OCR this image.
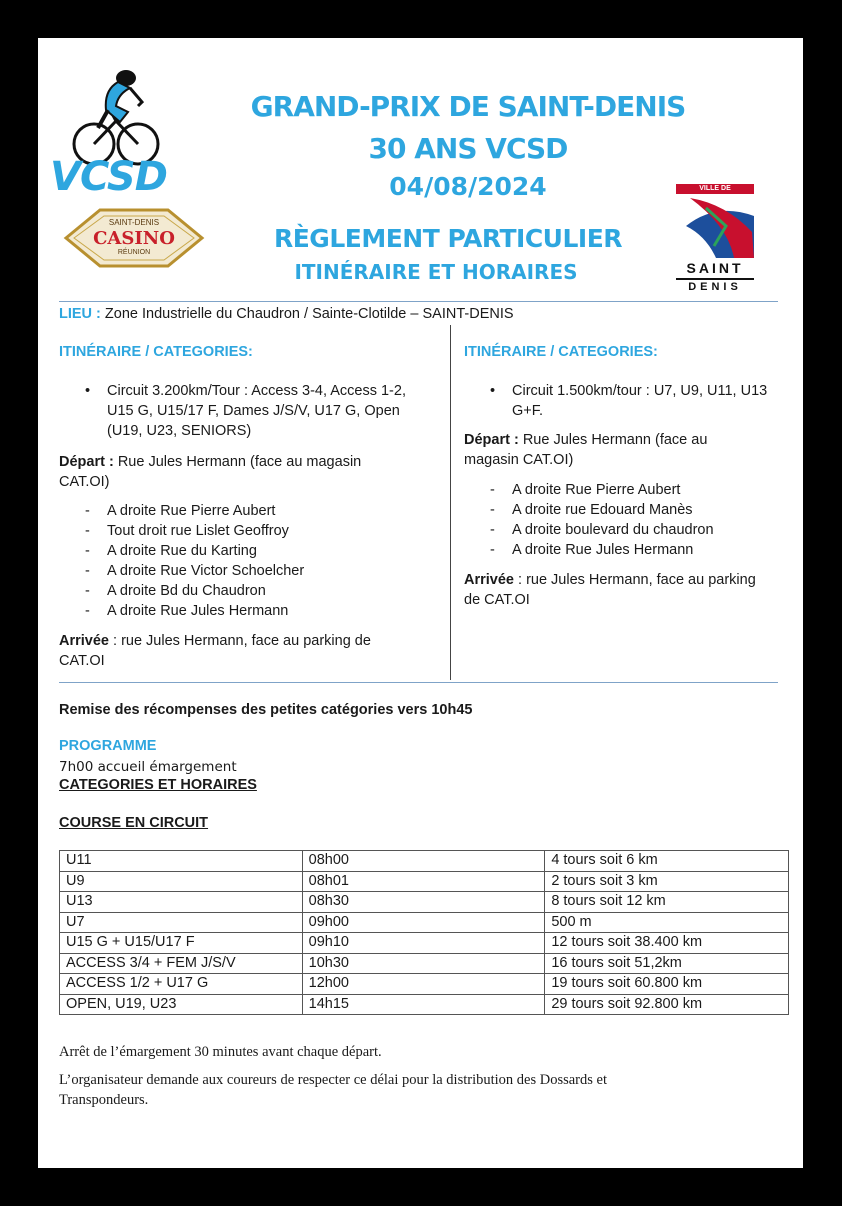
VCSD
SAINT-DENIS
CASINO
RÉUNION
VILLE DE
SAINT
DENIS
GRAND-PRIX DE SAINT-DENIS
30 ANS VCSD
04/08/2024
RÈGLEMENT PARTICULIER
ITINÉRAIRE ET HORAIRES
LIEU : Zone Industrielle du Chaudron / Sainte-Clotilde – SAINT-DENIS
ITINÉRAIRE / CATEGORIES:
• Circuit 3.200km/Tour : Access 3-4, Access 1-2, U15 G, U15/17 F, Dames J/S/V, U17 G, Open (U19, U23, SENIORS)
Départ : Rue Jules Hermann (face au magasin CAT.OI)
- A droite Rue Pierre Aubert
- Tout droit rue Lislet Geoffroy
- A droite Rue du Karting
- A droite Rue Victor Schoelcher
- A droite Bd du Chaudron
- A droite Rue Jules Hermann
Arrivée : rue Jules Hermann, face au parking de CAT.OI
ITINÉRAIRE / CATEGORIES:
• Circuit 1.500km/tour : U7, U9, U11, U13 G+F.
Départ : Rue Jules Hermann (face au magasin CAT.OI)
- A droite Rue Pierre Aubert
- A droite rue Edouard Manès
- A droite boulevard du chaudron
- A droite Rue Jules Hermann
Arrivée : rue Jules Hermann, face au parking de CAT.OI
Remise des récompenses des petites catégories vers 10h45
PROGRAMME
7h00 accueil émargement
CATEGORIES ET HORAIRES
COURSE EN CIRCUIT
U11	08h00	4 tours soit 6 km
U9	08h01	2 tours soit 3 km
U13	08h30	8 tours soit 12 km
U7	09h00	500 m
U15 G + U15/U17 F	09h10	12 tours soit 38.400 km
ACCESS 3/4 + FEM J/S/V	10h30	16 tours soit 51,2km
ACCESS 1/2 + U17 G	12h00	19 tours soit 60.800 km
OPEN, U19, U23	14h15	29 tours soit 92.800 km
Arrêt de l’émargement 30 minutes avant chaque départ.
L’organisateur demande aux coureurs de respecter ce délai pour la distribution des Dossards et Transpondeurs.
